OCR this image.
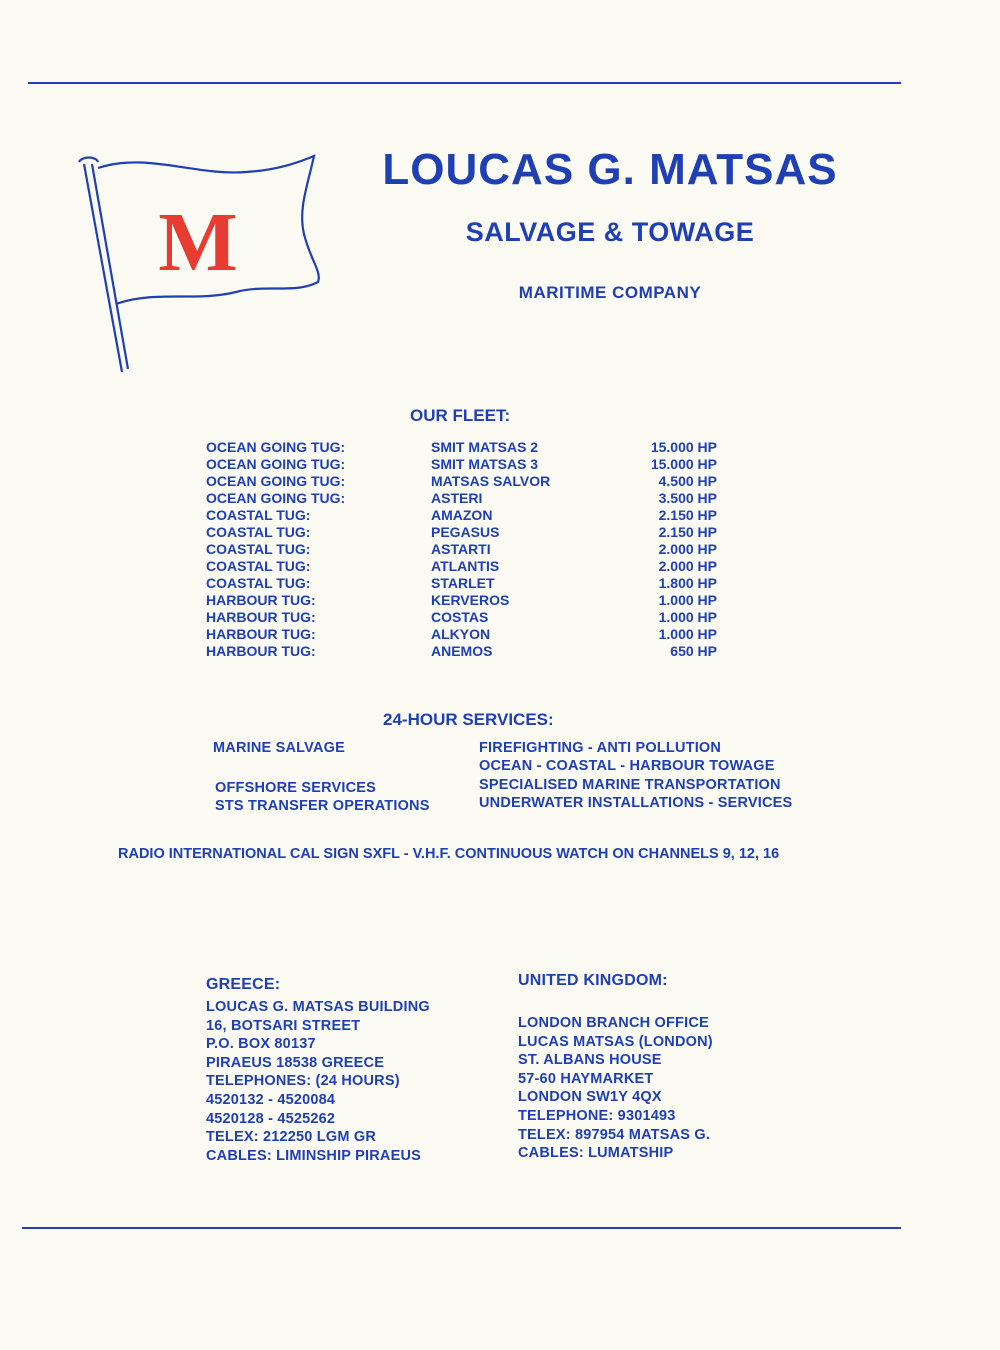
M
LOUCAS G. MATSAS
SALVAGE & TOWAGE
MARITIME COMPANY
OUR FLEET:
OCEAN GOING TUG:	SMIT MATSAS 2	15.000 HP
OCEAN GOING TUG:	SMIT MATSAS 3	15.000 HP
OCEAN GOING TUG:	MATSAS SALVOR	4.500 HP
OCEAN GOING TUG:	ASTERI	3.500 HP
COASTAL TUG:	AMAZON	2.150 HP
COASTAL TUG:	PEGASUS	2.150 HP
COASTAL TUG:	ASTARTI	2.000 HP
COASTAL TUG:	ATLANTIS	2.000 HP
COASTAL TUG:	STARLET	1.800 HP
HARBOUR TUG:	KERVEROS	1.000 HP
HARBOUR TUG:	COSTAS	1.000 HP
HARBOUR TUG:	ALKYON	1.000 HP
HARBOUR TUG:	ANEMOS	650 HP
24-HOUR SERVICES:
MARINE SALVAGE
OFFSHORE SERVICES
STS TRANSFER OPERATIONS
FIREFIGHTING - ANTI POLLUTION
OCEAN - COASTAL - HARBOUR TOWAGE
SPECIALISED MARINE TRANSPORTATION
UNDERWATER INSTALLATIONS - SERVICES
RADIO INTERNATIONAL CAL SIGN SXFL - V.H.F. CONTINUOUS WATCH ON CHANNELS 9, 12, 16
GREECE:
LOUCAS G. MATSAS BUILDING
16, BOTSARI STREET
P.O. BOX 80137
PIRAEUS 18538 GREECE
TELEPHONES: (24 HOURS)
4520132 - 4520084
4520128 - 4525262
TELEX: 212250 LGM GR
CABLES: LIMINSHIP PIRAEUS
UNITED KINGDOM:
LONDON BRANCH OFFICE
LUCAS MATSAS (LONDON)
ST. ALBANS HOUSE
57-60 HAYMARKET
LONDON SW1Y 4QX
TELEPHONE: 9301493
TELEX: 897954 MATSAS G.
CABLES: LUMATSHIP
